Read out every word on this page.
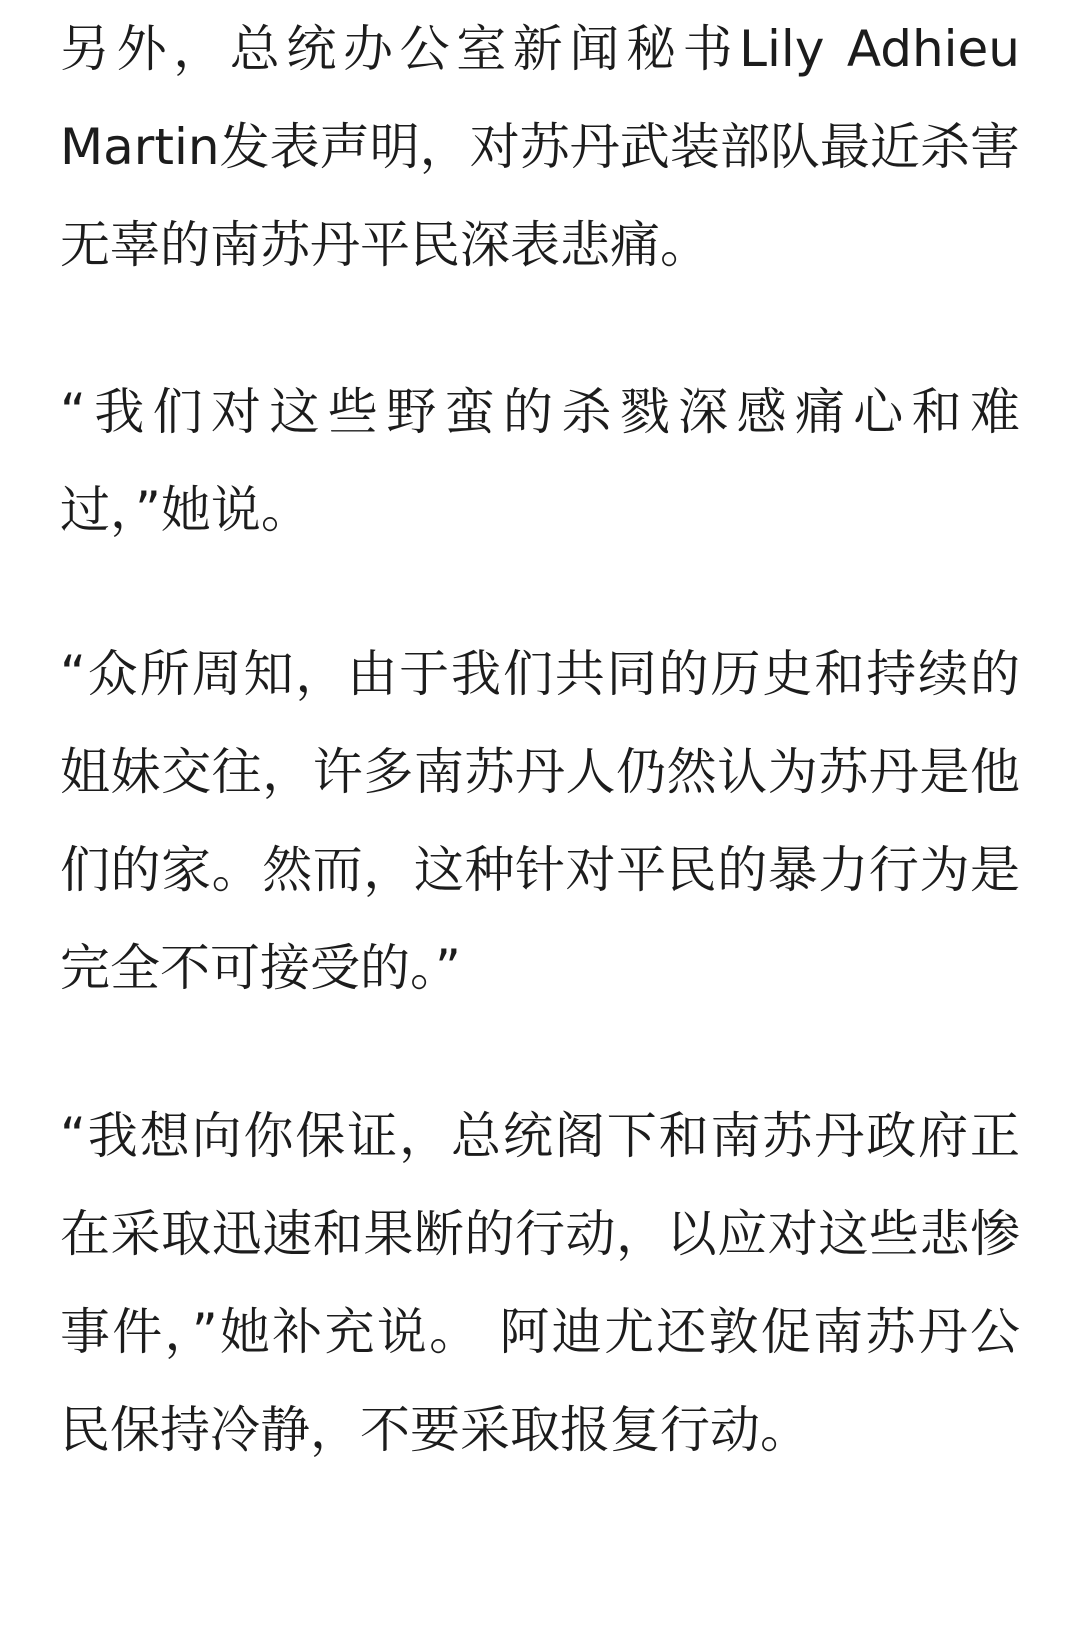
另外，总统办公室新闻秘书Lily Adhieu Martin发表声明，对苏丹武装部队最近杀害无辜的南苏丹平民深表悲痛。

“我们对这些野蛮的杀戮深感痛心和难过，”她说。

“众所周知，由于我们共同的历史和持续的姐妹交往，许多南苏丹人仍然认为苏丹是他们的家。然而，这种针对平民的暴力行为是完全不可接受的。”

“我想向你保证，总统阁下和南苏丹政府正在采取迅速和果断的行动，以应对这些悲惨事件，”她补充说。 阿迪尤还敦促南苏丹公民保持冷静，不要采取报复行动。
